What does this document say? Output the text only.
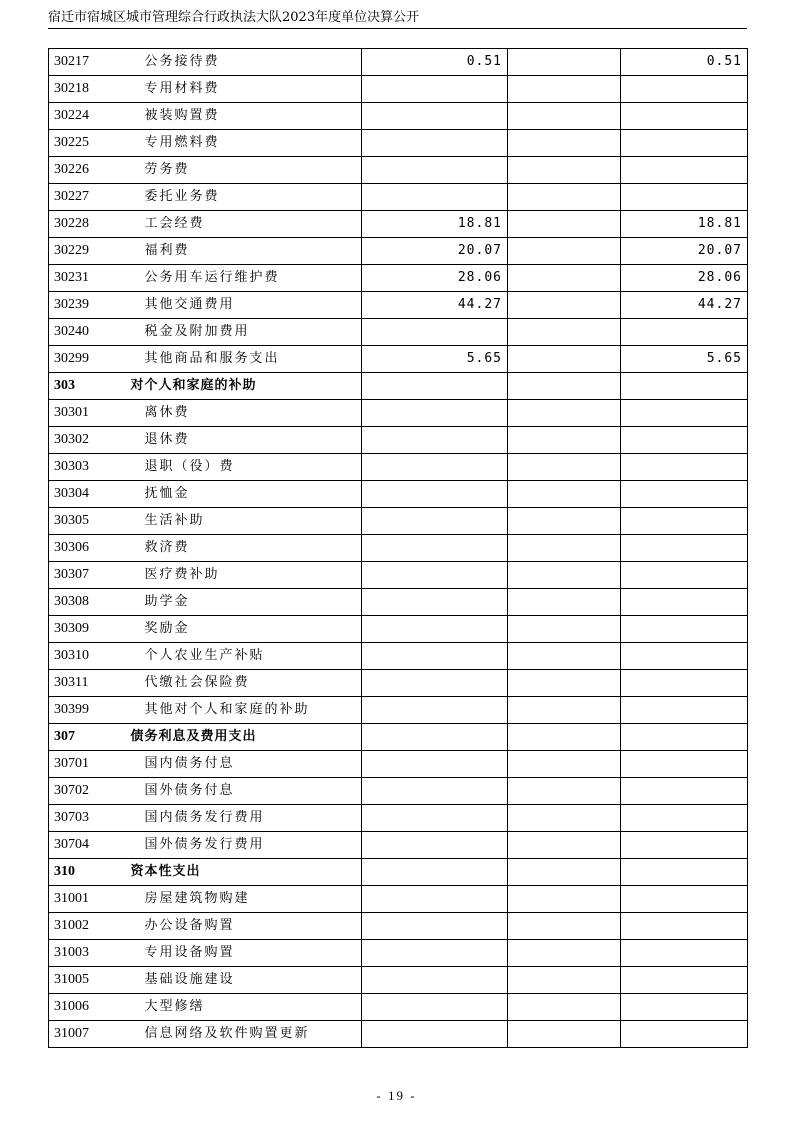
宿迁市宿城区城市管理综合行政执法大队2023年度单位决算公开
30217	公务接待费	0.51		0.51
30218	专用材料费			
30224	被装购置费			
30225	专用燃料费			
30226	劳务费			
30227	委托业务费			
30228	工会经费	18.81		18.81
30229	福利费	20.07		20.07
30231	公务用车运行维护费	28.06		28.06
30239	其他交通费用	44.27		44.27
30240	税金及附加费用			
30299	其他商品和服务支出	5.65		5.65
303	对个人和家庭的补助			
30301	离休费			
30302	退休费			
30303	退职（役）费			
30304	抚恤金			
30305	生活补助			
30306	救济费			
30307	医疗费补助			
30308	助学金			
30309	奖励金			
30310	个人农业生产补贴			
30311	代缴社会保险费			
30399	其他对个人和家庭的补助			
307	债务利息及费用支出			
30701	国内债务付息			
30702	国外债务付息			
30703	国内债务发行费用			
30704	国外债务发行费用			
310	资本性支出			
31001	房屋建筑物购建			
31002	办公设备购置			
31003	专用设备购置			
31005	基础设施建设			
31006	大型修缮			
31007	信息网络及软件购置更新			
- 19 -
